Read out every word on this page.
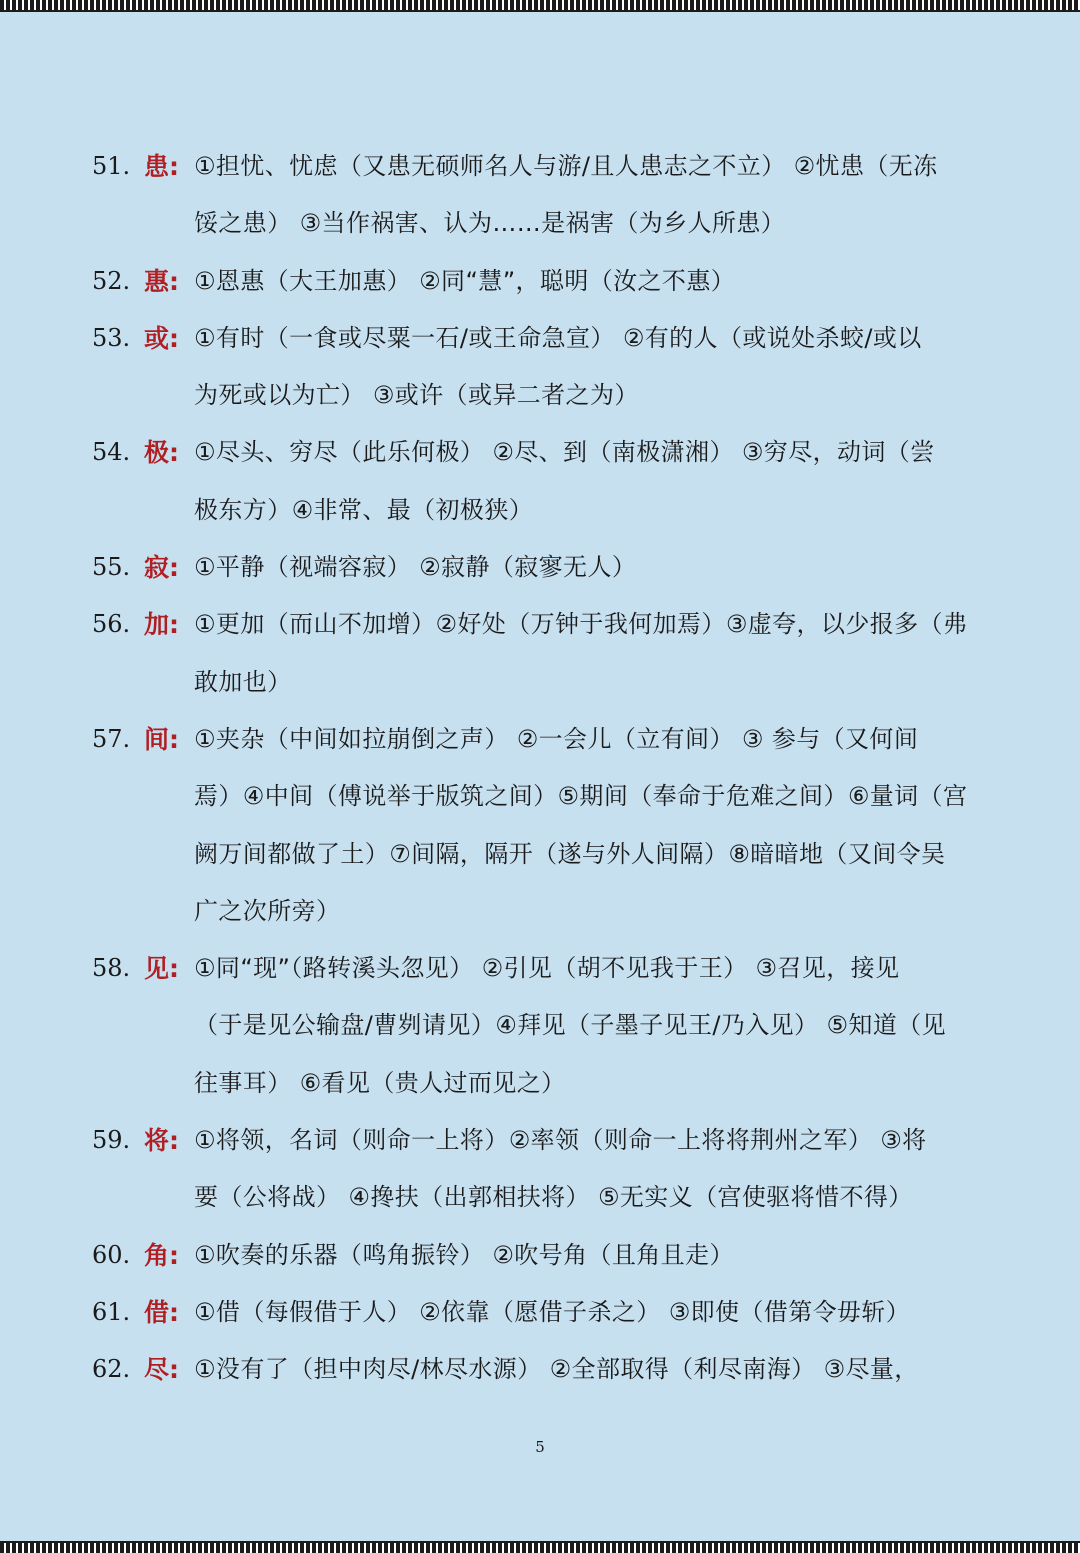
51. 患: ①担忧、忧虑（又患无硕师名人与游/且人患志之不立） ②忧患（无冻
馁之患） ③当作祸害、认为……是祸害（为乡人所患）
52. 惠: ①恩惠（大王加惠） ②同“慧”，聪明（汝之不惠）
53. 或: ①有时（一食或尽粟一石/或王命急宣） ②有的人（或说处杀蛟/或以
为死或以为亡） ③或许（或异二者之为）
54. 极: ①尽头、穷尽（此乐何极） ②尽、到（南极潇湘） ③穷尽，动词（尝
极东方）④非常、最（初极狭）
55. 寂: ①平静（视端容寂） ②寂静（寂寥无人）
56. 加: ①更加（而山不加增）②好处（万钟于我何加焉）③虚夸，以少报多（弗
敢加也）
57. 间: ①夹杂（中间如拉崩倒之声） ②一会儿（立有间） ③ 参与（又何间
焉）④中间（傅说举于版筑之间）⑤期间（奉命于危难之间）⑥量词（宫
阙万间都做了土）⑦间隔，隔开（遂与外人间隔）⑧暗暗地（又间令吴
广之次所旁）
58. 见: ①同“现”（路转溪头忽见） ②引见（胡不见我于王） ③召见，接见
（于是见公输盘/曹刿请见）④拜见（子墨子见王/乃入见） ⑤知道（见
往事耳） ⑥看见（贵人过而见之）
59. 将: ①将领，名词（则命一上将）②率领（则命一上将将荆州之军） ③将
要（公将战） ④搀扶（出郭相扶将） ⑤无实义（宫使驱将惜不得）
60. 角: ①吹奏的乐器（鸣角振铃） ②吹号角（且角且走）
61. 借: ①借（每假借于人） ②依靠（愿借子杀之） ③即使（借第令毋斩）
62. 尽: ①没有了（担中肉尽/林尽水源） ②全部取得（利尽南海） ③尽量，
5
